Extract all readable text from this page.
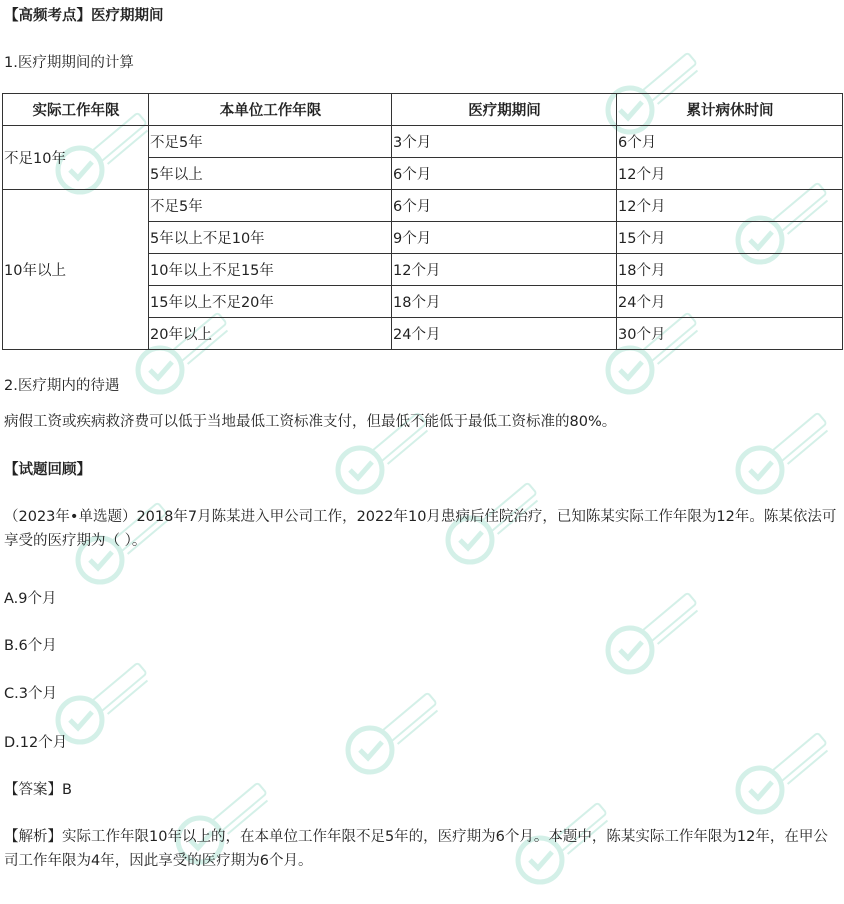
【高频考点】医疗期期间
1.医疗期期间的计算
实际工作年限	本单位工作年限	医疗期期间	累计病休时间
不足10年	不足5年	3个月	6个月
	5年以上	6个月	12个月
10年以上	不足5年	6个月	12个月
	5年以上不足10年	9个月	15个月
	10年以上不足15年	12个月	18个月
	15年以上不足20年	18个月	24个月
	20年以上	24个月	30个月
2.医疗期内的待遇
病假工资或疾病救济费可以低于当地最低工资标准支付，但最低不能低于最低工资标准的80%。
【试题回顾】
（2023年•单选题）2018年7月陈某进入甲公司工作，2022年10月患病后住院治疗，已知陈某实际工作年限为12年。陈某依法可享受的医疗期为（ ）。
A.9个月
B.6个月
C.3个月
D.12个月
【答案】B
【解析】实际工作年限10年以上的，在本单位工作年限不足5年的，医疗期为6个月。本题中，陈某实际工作年限为12年，在甲公司工作年限为4年，因此享受的医疗期为6个月。
